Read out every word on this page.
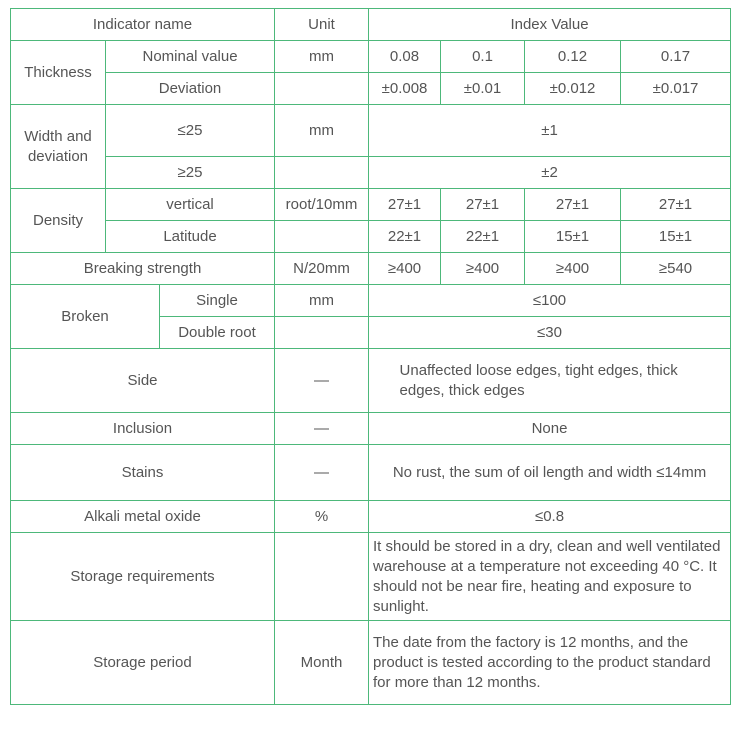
Indicator name			Unit	Index Value			
Thickness	Nominal value		mm	0.08	0.1	0.12	0.17
	Deviation			±0.008	±0.01	±0.012	±0.017
Width and deviation	≤25		mm	±1			
	≥25			±2			
Density	vertical		root/10mm	27±1	27±1	27±1	27±1
	Latitude			22±1	22±1	15±1	15±1
Breaking strength			N/20mm	≥400	≥400	≥400	≥540
Broken		Single	mm	≤100			
		Double root		≤30			
Side			—	Unaffected loose edges, tight edges, thick edges, thick edges			

Inclusion			—	None			
Stains			—	No rust, the sum of oil length and width ≤14mm			
Alkali metal oxide			%	≤0.8			
Storage requirements				It should be stored in a dry, clean and well ventilated warehouse at a temperature not exceeding 40 °C. It should not be near fire, heating and exposure to sunlight.			
Storage period			Month	The date from the factory is 12 months, and the product is tested according to the product standard for more than 12 months.			
